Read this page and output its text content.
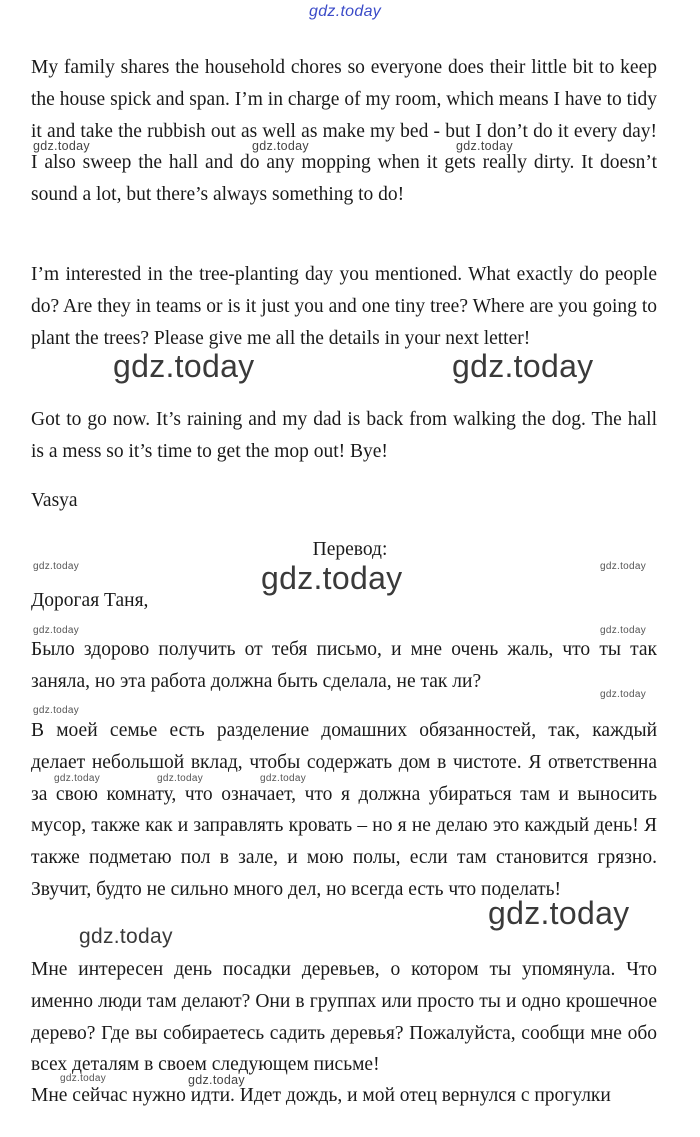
gdz.today

My family shares the household chores so everyone does their little bit to keep the house spick and span. I’m in charge of my room, which means I have to tidy it and take the rubbish out as well as make my bed - but I don’t do it every day! I also sweep the hall and do any mopping when it gets really dirty. It doesn’t sound a lot, but there’s always something to do!

I’m interested in the tree-planting day you mentioned. What exactly do people do? Are they in teams or is it just you and one tiny tree? Where are you going to plant the trees? Please give me all the details in your next letter!

Got to go now. It’s raining and my dad is back from walking the dog. The hall is a mess so it’s time to get the mop out! Bye!

Vasya

Перевод:

Дорогая Таня,

Было здорово получить от тебя письмо, и мне очень жаль, что ты так заняла, но эта работа должна быть сделала, не так ли?

В моей семье есть разделение домашних обязанностей, так, каждый делает небольшой вклад, чтобы содержать дом в чистоте. Я ответственна за свою комнату, что означает, что я должна убираться там и выносить мусор, также как и заправлять кровать – но я не делаю это каждый день! Я также подметаю пол в зале, и мою полы, если там становится грязно. Звучит, будто не сильно много дел, но всегда есть что поделать!

Мне интересен день посадки деревьев, о котором ты упомянула. Что именно люди там делают? Они в группах или просто ты и одно крошечное дерево? Где вы собираетесь садить деревья? Пожалуйста, сообщи мне обо всех деталям в своем следующем письме!

Мне сейчас нужно идти. Идет дождь, и мой отец вернулся с прогулки

gdz.today	gdz.today	gdz.today
gdz.today	gdz.today
gdz.today	gdz.today	gdz.today
gdz.today	gdz.today
gdz.today
gdz.today
gdz.today	gdz.today	gdz.today
gdz.today
gdz.today
gdz.today	gdz.today
